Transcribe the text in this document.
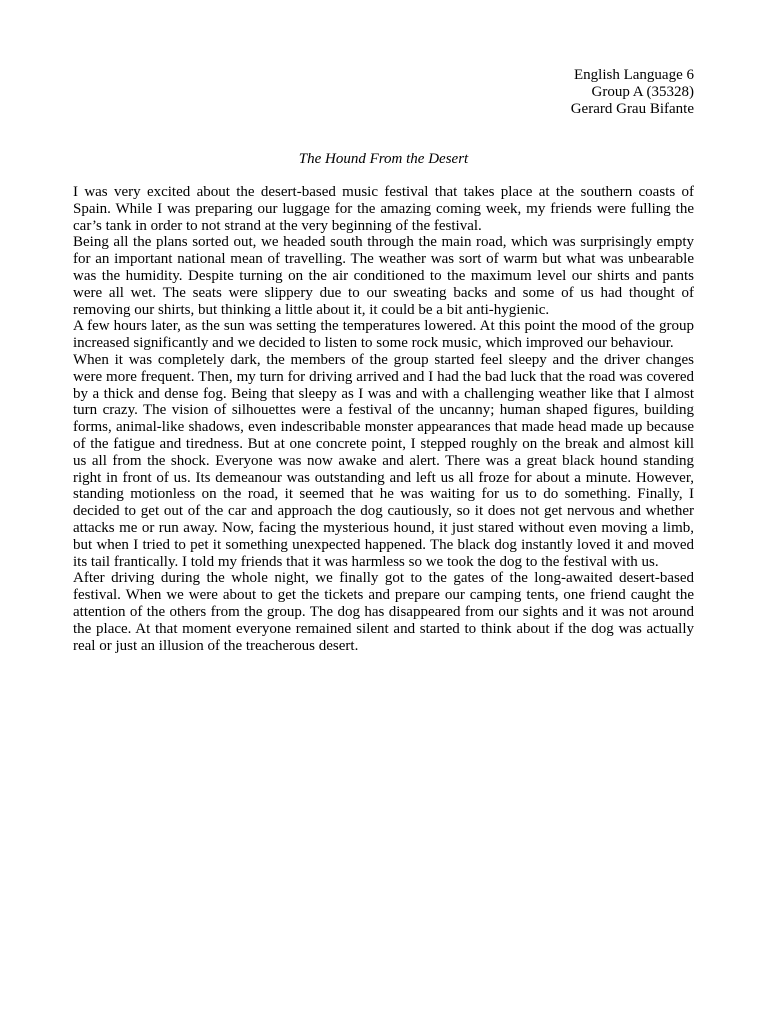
English Language 6
Group A (35328)
Gerard Grau Bifante
The Hound From the Desert

I was very excited about the desert-based music festival that takes place at the southern coasts of Spain. While I was preparing our luggage for the amazing coming week, my friends were fulling the car’s tank in order to not strand at the very beginning of the festival.

Being all the plans sorted out, we headed south through the main road, which was surprisingly empty for an important national mean of travelling. The weather was sort of warm but what was unbearable was the humidity. Despite turning on the air conditioned to the maximum level our shirts and pants were all wet. The seats were slippery due to our sweating backs and some of us had thought of removing our shirts, but thinking a little about it, it could be a bit anti-hygienic.

A few hours later, as the sun was setting the temperatures lowered. At this point the mood of the group increased significantly and we decided to listen to some rock music, which improved our behaviour.

When it was completely dark, the members of the group started feel sleepy and the driver changes were more frequent. Then, my turn for driving arrived and I had the bad luck that the road was covered by a thick and dense fog. Being that sleepy as I was and with a challenging weather like that I almost turn crazy. The vision of silhouettes were a festival of the uncanny; human shaped figures, building forms, animal-like shadows, even indescribable monster appearances that made head made up because of the fatigue and tiredness. But at one concrete point, I stepped roughly on the break and almost kill us all from the shock. Everyone was now awake and alert. There was a great black hound standing right in front of us. Its demeanour was outstanding and left us all froze for about a minute. However, standing motionless on the road, it seemed that he was waiting for us to do something. Finally, I decided to get out of the car and approach the dog cautiously, so it does not get nervous and whether attacks me or run away. Now, facing the mysterious hound, it just stared without even moving a limb, but when I tried to pet it something unexpected happened. The black dog instantly loved it and moved its tail frantically. I told my friends that it was harmless so we took the dog to the festival with us.

After driving during the whole night, we finally got to the gates of the long-awaited desert-based festival. When we were about to get the tickets and prepare our camping tents, one friend caught the attention of the others from the group. The dog has disappeared from our sights and it was not around the place. At that moment everyone remained silent and started to think about if the dog was actually real or just an illusion of the treacherous desert.
